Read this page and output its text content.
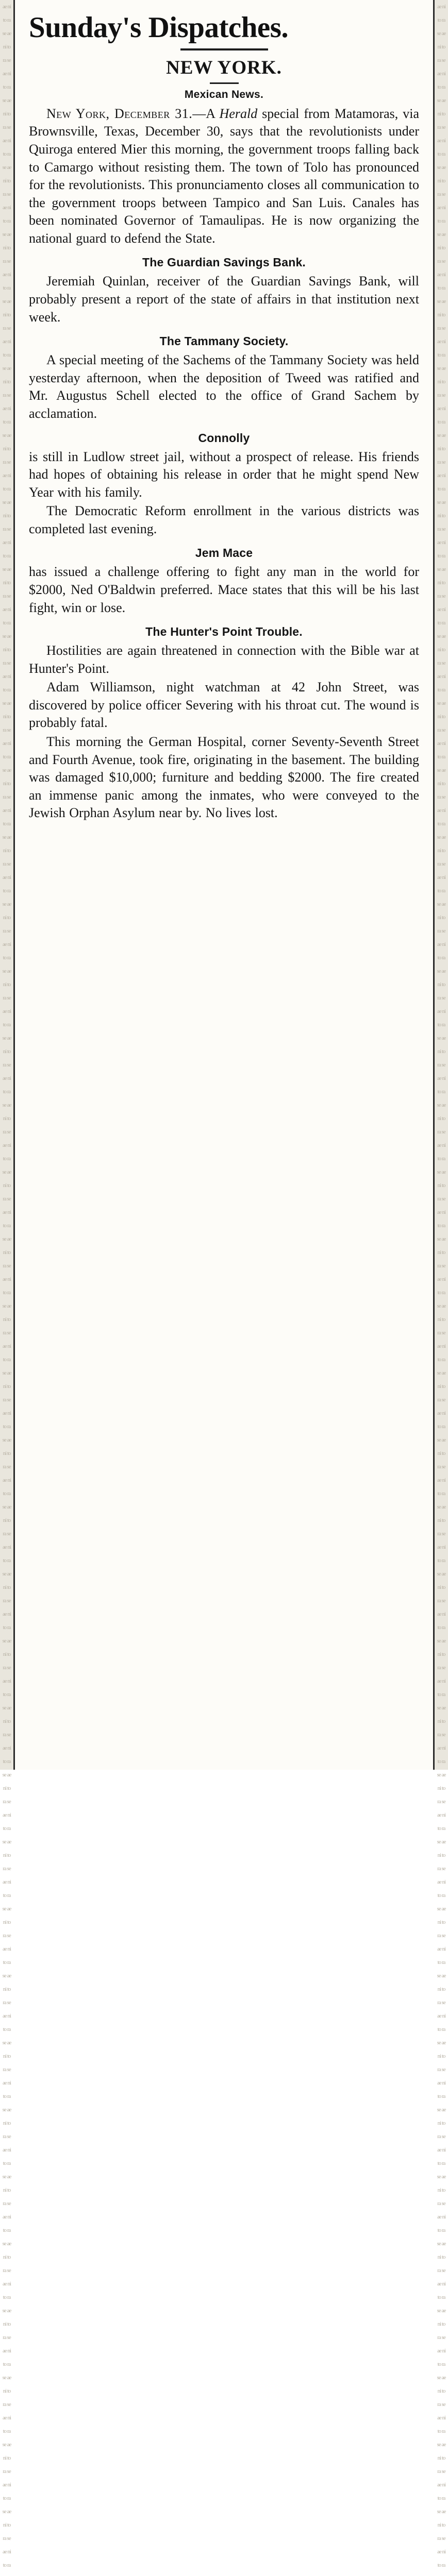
ae ni to ra se ae ni to ra se ae ni to ra se ae ni to ra se ae ni to ra se ae ni to ra se ae ni to ra se ae ni to ra se ae ni to ra se ae ni to ra se ae ni to ra se ae ni to ra se ae ni to ra se ae ni to ra se ae ni to ra se ae ni to ra se ae ni to ra se ae ni to ra se ae ni to ra se ae ni to ra se ae ni to ra se ae ni to ra se ae ni to ra se ae ni to ra se ae ni to ra se ae ni to ra se ae ni to ra se ae ni to ra se ae ni to ra se ae ni to ra se ae ni to ra se ae ni to ra se ae ni to ra se ae ni to ra se ae ni to ra se ae ni to ra se ae ni to ra se ae ni to ra se ae ni to ra se ae ni to ra se ae ni to ra se ae ni to ra se ae ni to ra se ae ni to ra se ae ni to ra se ae ni to ra se ae ni to ra se ae ni to ra se ae ni to ra se ae ni to ra se ae ni to ra se ae ni to ra se ae ni to ra se ae ni to ra se ae ni to ra se ae ni to ra se ae ni to ra se ae ni to ra se ae ni to ra se ae ni to ra se ae ni to ra se ae ni to ra se ae ni to ra se ae ni to ra se ae ni to ra se ae ni to ra se ae ni to ra se ae ni to ra se ae ni to ra se ae ni to ra se ae ni to ra se ae ni to ra se ae ni to ra se ae ni to ra se ae ni to ra se ae ni to ra se ae ni to ra
ae ni to ra se ae ni to ra se ae ni to ra se ae ni to ra se ae ni to ra se ae ni to ra se ae ni to ra se ae ni to ra se ae ni to ra se ae ni to ra se ae ni to ra se ae ni to ra se ae ni to ra se ae ni to ra se ae ni to ra se ae ni to ra se ae ni to ra se ae ni to ra se ae ni to ra se ae ni to ra se ae ni to ra se ae ni to ra se ae ni to ra se ae ni to ra se ae ni to ra se ae ni to ra se ae ni to ra se ae ni to ra se ae ni to ra se ae ni to ra se ae ni to ra se ae ni to ra se ae ni to ra se ae ni to ra se ae ni to ra se ae ni to ra se ae ni to ra se ae ni to ra se ae ni to ra se ae ni to ra se ae ni to ra se ae ni to ra se ae ni to ra se ae ni to ra se ae ni to ra se ae ni to ra se ae ni to ra se ae ni to ra se ae ni to ra se ae ni to ra se ae ni to ra se ae ni to ra se ae ni to ra se ae ni to ra se ae ni to ra se ae ni to ra se ae ni to ra se ae ni to ra se ae ni to ra se ae ni to ra se ae ni to ra se ae ni to ra se ae ni to ra se ae ni to ra se ae ni to ra se ae ni to ra se ae ni to ra se ae ni to ra se ae ni to ra se ae ni to ra se ae ni to ra se ae ni to ra se ae ni to ra se ae ni to ra se ae ni to ra se ae ni to ra se ae ni to ra
Sunday's Dispatches.
NEW YORK.
Mexican News.

New York, December 31.—A Herald special from Matamoras, via Brownsville, Texas, December 30, says that the revolutionists under Quiroga entered Mier this morning, the government troops falling back to Camargo without resisting them. The town of Tolo has pronounced for the revolutionists. This pronunciamento closes all communication to the government troops between Tampico and San Luis. Canales has been nominated Governor of Tamaulipas. He is now organizing the national guard to defend the State.

The Guardian Savings Bank.

Jeremiah Quinlan, receiver of the Guardian Savings Bank, will probably present a report of the state of affairs in that institution next week.

The Tammany Society.

A special meeting of the Sachems of the Tammany Society was held yesterday afternoon, when the deposition of Tweed was ratified and Mr. Augustus Schell elected to the office of Grand Sachem by acclamation.

Connolly

is still in Ludlow street jail, without a prospect of release. His friends had hopes of obtaining his release in order that he might spend New Year with his family.

The Democratic Reform enrollment in the various districts was completed last evening.

Jem Mace

has issued a challenge offering to fight any man in the world for $2000, Ned O'Baldwin preferred. Mace states that this will be his last fight, win or lose.

The Hunter's Point Trouble.

Hostilities are again threatened in connection with the Bible war at Hunter's Point.

Adam Williamson, night watchman at 42 John Street, was discovered by police officer Severing with his throat cut. The wound is probably fatal.

This morning the German Hospital, corner Seventy-Seventh Street and Fourth Avenue, took fire, originating in the basement. The building was damaged $10,000; furniture and bedding $2000. The fire created an immense panic among the inmates, who were conveyed to the Jewish Orphan Asylum near by. No lives lost.
